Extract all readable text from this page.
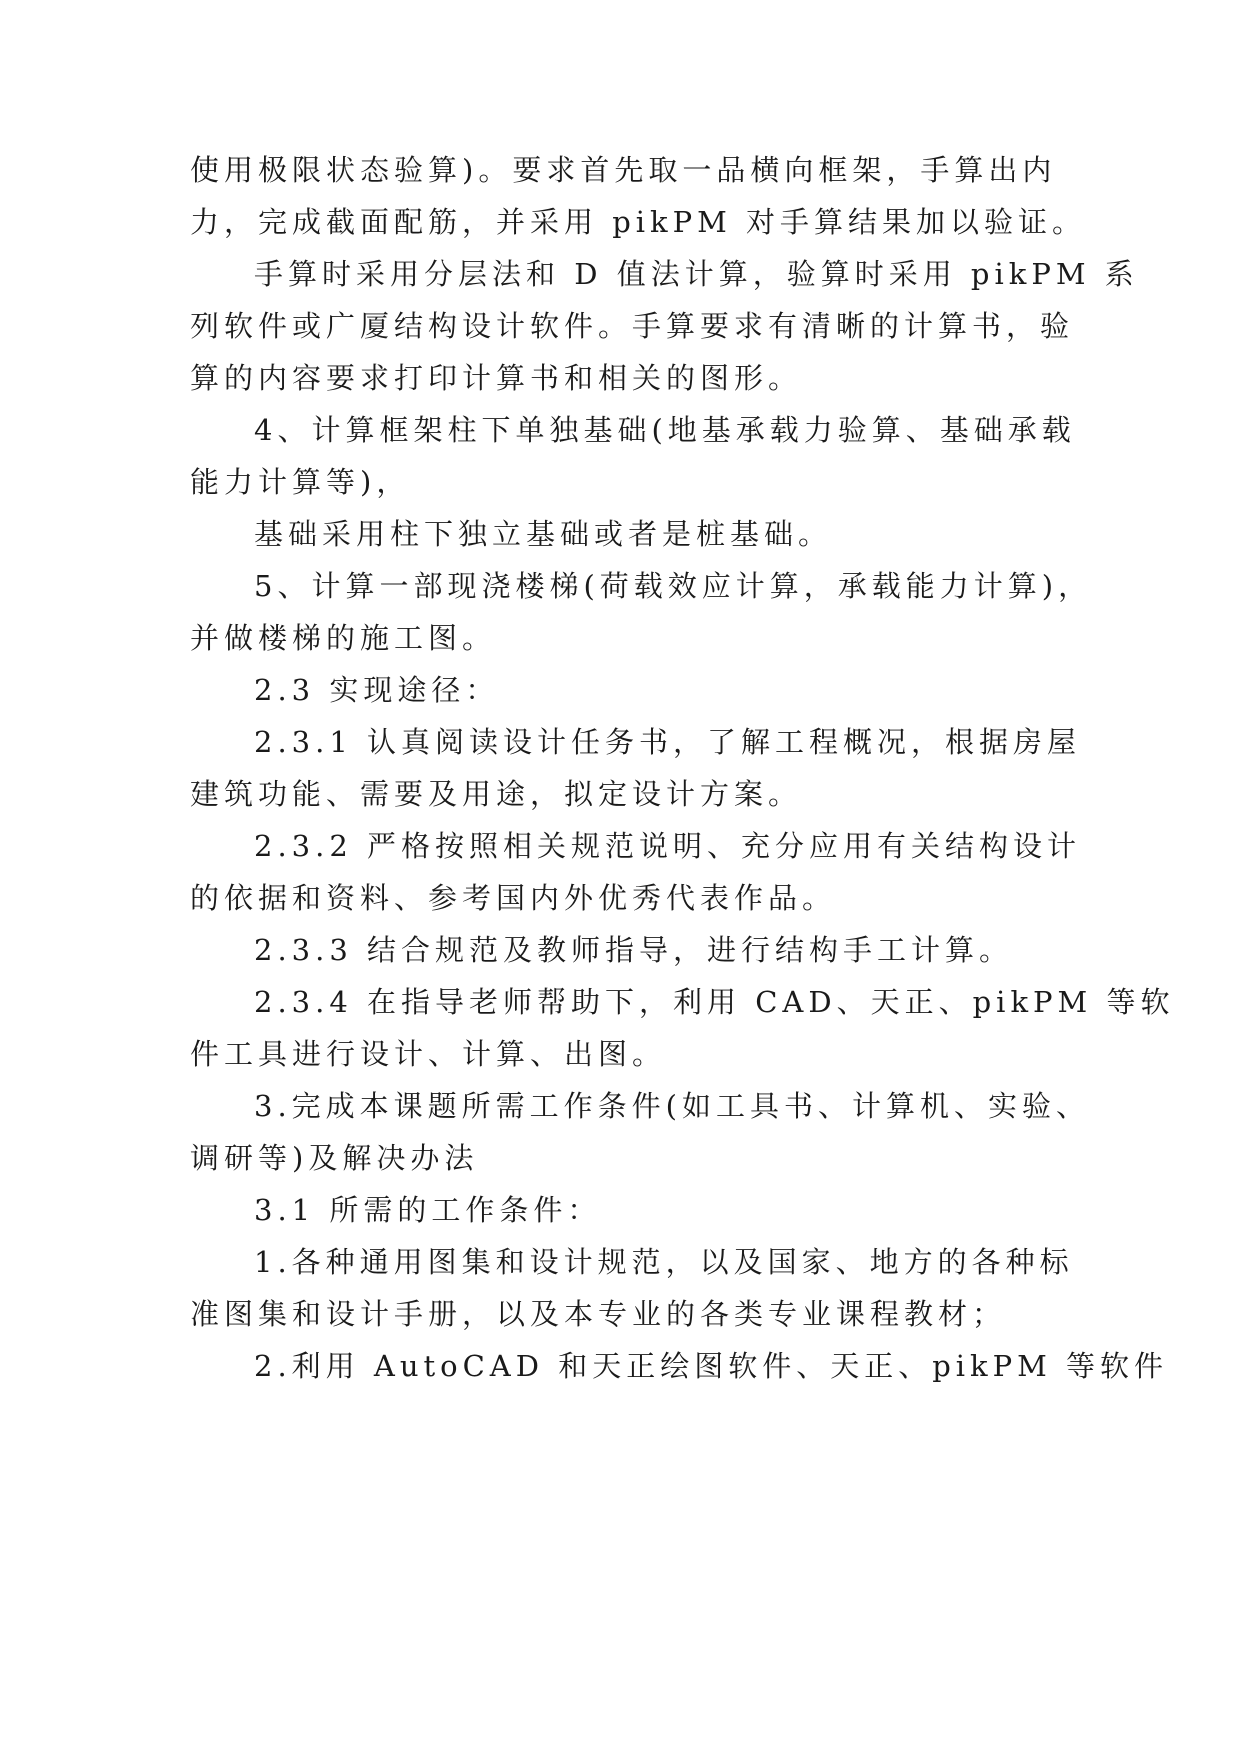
使用极限状态验算)。要求首先取一品横向框架，手算出内
力，完成截面配筋，并采用 pikPM 对手算结果加以验证。
手算时采用分层法和 D 值法计算，验算时采用 pikPM 系
列软件或广厦结构设计软件。手算要求有清晰的计算书，验
算的内容要求打印计算书和相关的图形。
4、计算框架柱下单独基础(地基承载力验算、基础承载
能力计算等)，
基础采用柱下独立基础或者是桩基础。
5、计算一部现浇楼梯(荷载效应计算，承载能力计算)，
并做楼梯的施工图。
2.3 实现途径：
2.3.1 认真阅读设计任务书，了解工程概况，根据房屋
建筑功能、需要及用途，拟定设计方案。
2.3.2 严格按照相关规范说明、充分应用有关结构设计
的依据和资料、参考国内外优秀代表作品。
2.3.3 结合规范及教师指导，进行结构手工计算。
2.3.4 在指导老师帮助下，利用 CAD、天正、pikPM 等软
件工具进行设计、计算、出图。
3.完成本课题所需工作条件(如工具书、计算机、实验、
调研等)及解决办法
3.1 所需的工作条件：
1.各种通用图集和设计规范，以及国家、地方的各种标
准图集和设计手册，以及本专业的各类专业课程教材；
2.利用 AutoCAD 和天正绘图软件、天正、pikPM 等软件
